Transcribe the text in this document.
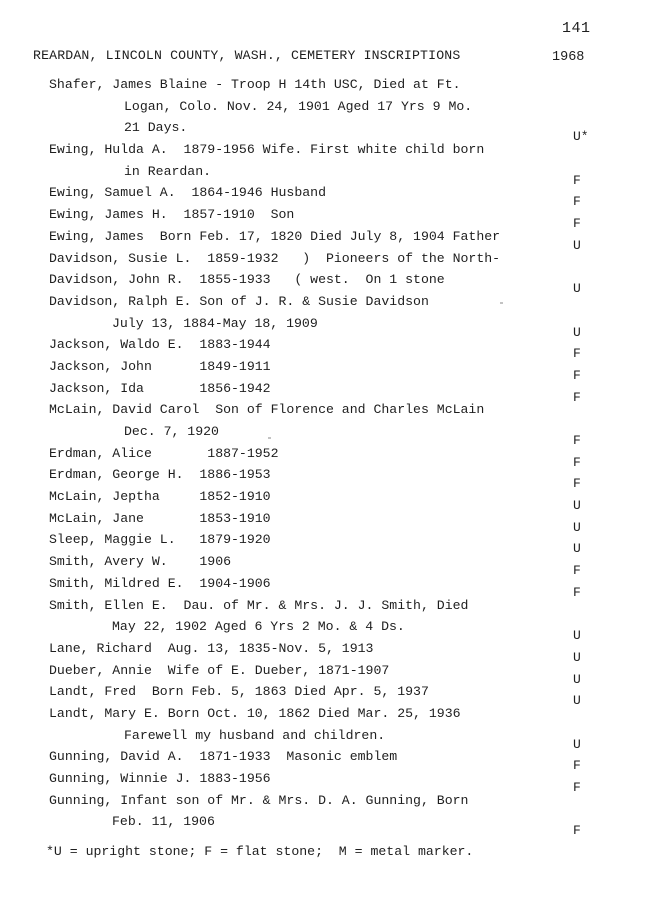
141
REARDAN, LINCOLN COUNTY, WASH., CEMETERY INSCRIPTIONS	1968
Shafer, James Blaine - Troop H 14th USC, Died at Ft.
Logan, Colo. Nov. 24, 1901 Aged 17 Yrs 9 Mo.
21 Days.
U*
Ewing, Hulda A.  1879-1956 Wife. First white child born
in Reardan.
F
Ewing, Samuel A.  1864-1946 Husband
F
Ewing, James H.  1857-1910  Son
F
Ewing, James  Born Feb. 17, 1820 Died July 8, 1904 Father
U
Davidson, Susie L.  1859-1932   )  Pioneers of the North-
Davidson, John R.  1855-1933   ( west.  On 1 stone
U
Davidson, Ralph E. Son of J. R. & Susie Davidson
July 13, 1884-May 18, 1909
U
Jackson, Waldo E.  1883-1944
F
Jackson, John      1849-1911
F
Jackson, Ida       1856-1942
F
McLain, David Carol  Son of Florence and Charles McLain
Dec. 7, 1920
F
Erdman, Alice       1887-1952
F
Erdman, George H.  1886-1953
F
McLain, Jeptha     1852-1910
U
McLain, Jane       1853-1910
U
Sleep, Maggie L.   1879-1920
U
Smith, Avery W.    1906
F
Smith, Mildred E.  1904-1906
F
Smith, Ellen E.  Dau. of Mr. & Mrs. J. J. Smith, Died
May 22, 1902 Aged 6 Yrs 2 Mo. & 4 Ds.
U
Lane, Richard  Aug. 13, 1835-Nov. 5, 1913
U
Dueber, Annie  Wife of E. Dueber, 1871-1907
U
Landt, Fred  Born Feb. 5, 1863 Died Apr. 5, 1937
U
Landt, Mary E. Born Oct. 10, 1862 Died Mar. 25, 1936
Farewell my husband and children.
U
Gunning, David A.  1871-1933  Masonic emblem
F
Gunning, Winnie J. 1883-1956
F
Gunning, Infant son of Mr. & Mrs. D. A. Gunning, Born
Feb. 11, 1906
F
*U = upright stone; F = flat stone;  M = metal marker.
